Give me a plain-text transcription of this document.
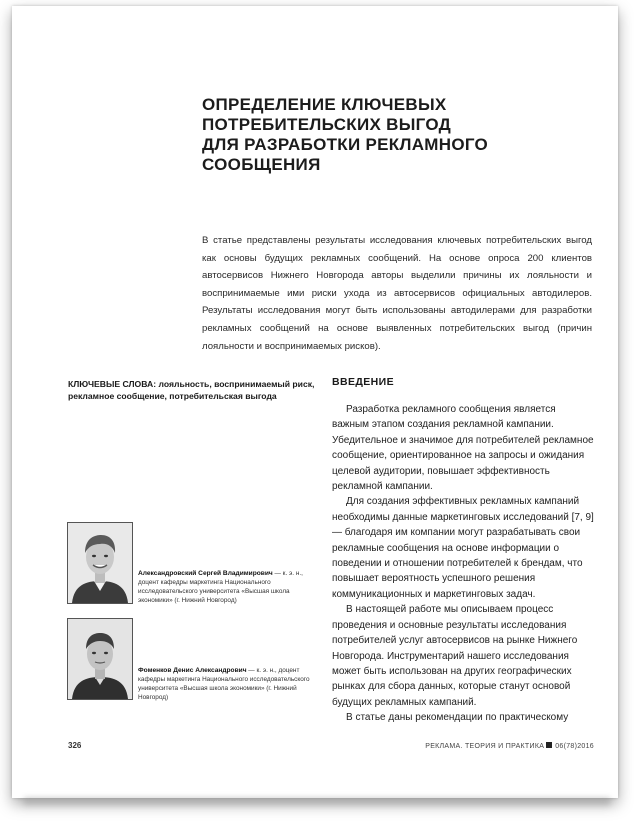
ОПРЕДЕЛЕНИЕ КЛЮЧЕВЫХ
ПОТРЕБИТЕЛЬСКИХ ВЫГОД
ДЛЯ РАЗРАБОТКИ РЕКЛАМНОГО
СООБЩЕНИЯ
В статье представлены результаты исследования ключевых потребительских выгод как основы будущих рекламных сообщений. На основе опроса 200 клиентов автосервисов Нижнего Новгорода авторы выделили причины их лояльности и воспринимаемые ими риски ухода из автосервисов официальных автодилеров. Результаты исследования могут быть использованы автодилерами для разработки рекламных сообщений на основе выявленных потребительских выгод (причин лояльности и воспринимаемых рисков).
КЛЮЧЕВЫЕ СЛОВА: лояльность, воспринимаемый риск, рекламное сообщение, потребительская выгода
ВВЕДЕНИЕ

Разработка рекламного сообщения является важным этапом создания рекламной кампании. Убедительное и значимое для потребителей рекламное сообщение, ориентированное на запросы и ожидания целевой аудитории, повышает эффективность рекламной кампании.

Для создания эффективных рекламных кампаний необходимы данные маркетинговых исследований [7, 9] — благодаря им компании могут разрабатывать свои рекламные сообщения на основе информации о поведении и отношении потребителей к брендам, что повышает вероятность успешного решения коммуникационных и маркетинговых задач.

В настоящей работе мы описываем процесс проведения и основные результаты исследования потребителей услуг автосервисов на рынке Нижнего Новгорода. Инструментарий нашего исследования может быть использован на других географических рынках для сбора данных, которые станут основой будущих рекламных кампаний.

В статье даны рекомендации по практическому

Александровский Сергей Владимирович — к. э. н., доцент кафедры маркетинга Национального исследовательского университета «Высшая школа экономики» (г. Нижний Новгород)
Фоменков Денис Александрович — к. э. н., доцент кафедры маркетинга Национального исследовательского университета «Высшая школа экономики» (г. Нижний Новгород)
326	РЕКЛАМА. ТЕОРИЯ И ПРАКТИКА 06(78)2016
